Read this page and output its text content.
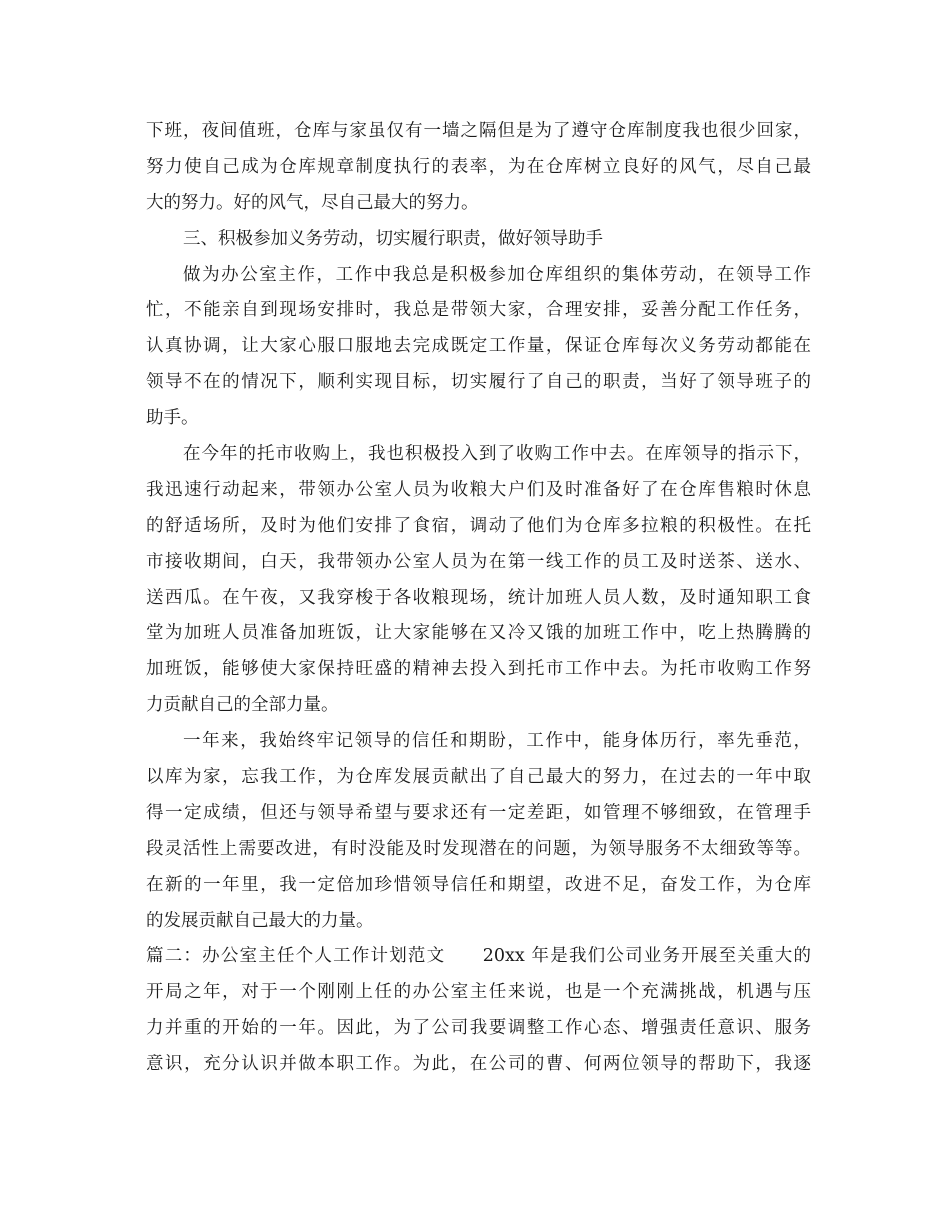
下班，夜间值班，仓库与家虽仅有一墙之隔但是为了遵守仓库制度我也很少回家，
努力使自己成为仓库规章制度执行的表率，为在仓库树立良好的风气，尽自己最
大的努力。好的风气，尽自己最大的努力。
三、积极参加义务劳动，切实履行职责，做好领导助手
做为办公室主作，工作中我总是积极参加仓库组织的集体劳动，在领导工作
忙，不能亲自到现场安排时，我总是带领大家，合理安排，妥善分配工作任务，
认真协调，让大家心服口服地去完成既定工作量，保证仓库每次义务劳动都能在
领导不在的情况下，顺利实现目标，切实履行了自己的职责，当好了领导班子的
助手。
在今年的托市收购上，我也积极投入到了收购工作中去。在库领导的指示下，
我迅速行动起来，带领办公室人员为收粮大户们及时准备好了在仓库售粮时休息
的舒适场所，及时为他们安排了食宿，调动了他们为仓库多拉粮的积极性。在托
市接收期间，白天，我带领办公室人员为在第一线工作的员工及时送茶、送水、
送西瓜。在午夜，又我穿梭于各收粮现场，统计加班人员人数，及时通知职工食
堂为加班人员准备加班饭，让大家能够在又冷又饿的加班工作中，吃上热腾腾的
加班饭，能够使大家保持旺盛的精神去投入到托市工作中去。为托市收购工作努
力贡献自己的全部力量。
一年来，我始终牢记领导的信任和期盼，工作中，能身体历行，率先垂范，
以库为家，忘我工作，为仓库发展贡献出了自己最大的努力，在过去的一年中取
得一定成绩，但还与领导希望与要求还有一定差距，如管理不够细致，在管理手
段灵活性上需要改进，有时没能及时发现潜在的问题，为领导服务不太细致等等。
在新的一年里，我一定倍加珍惜领导信任和期望，改进不足，奋发工作，为仓库
的发展贡献自己最大的力量。
篇二：办公室主任个人工作计划范文　　20xx 年是我们公司业务开展至关重大的
开局之年，对于一个刚刚上任的办公室主任来说，也是一个充满挑战，机遇与压
力并重的开始的一年。因此，为了公司我要调整工作心态、增强责任意识、服务
意识，充分认识并做本职工作。为此，在公司的曹、何两位领导的帮助下，我逐
